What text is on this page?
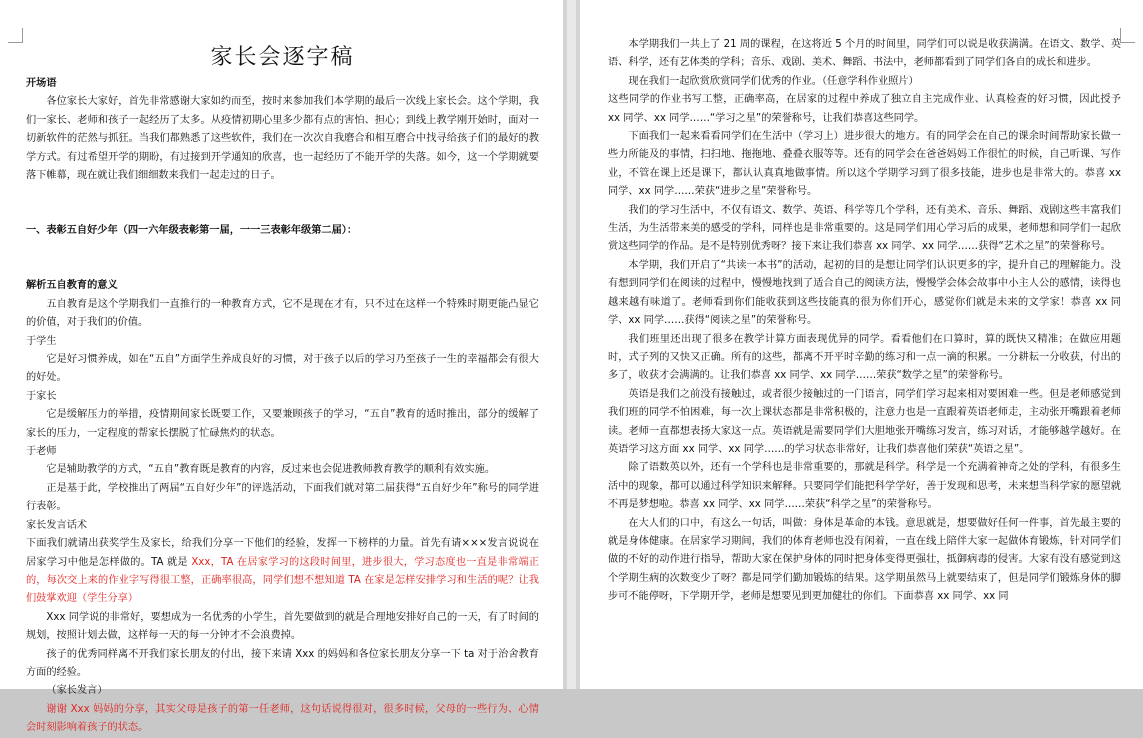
家长会逐字稿

开场语

各位家长大家好，首先非常感谢大家如约而至，按时来参加我们本学期的最后一次线上家长会。这个学期，我们一家长、老师和孩子一起经历了太多。从疫情初期心里多少都有点的害怕、担心；到线上教学刚开始时，面对一切新软件的茫然与抓狂。当我们都熟悉了这些软件，我们在一次次自我磨合和相互磨合中找寻给孩子们的最好的教学方式。有过希望开学的期盼，有过接到开学通知的欣喜，也一起经历了不能开学的失落。如今，这一个学期就要落下帷幕，现在就让我们细细数来我们一起走过的日子。

一、表彰五自好少年（四一六年级表彰第一届，一一三表彰年级第二届）：

解析五自教育的意义

五自教育是这个学期我们一直推行的一种教育方式，它不是现在才有，只不过在这样一个特殊时期更能凸显它的价值，对于我们的价值。

于学生

它是好习惯养成，如在“五自”方面学生养成良好的习惯，对于孩子以后的学习乃至孩子一生的幸福都会有很大的好处。

于家长

它是缓解压力的举措，疫情期间家长既要工作，又要兼顾孩子的学习，“五自”教育的适时推出，部分的缓解了家长的压力，一定程度的帮家长摆脱了忙碌焦灼的状态。

于老师

它是辅助教学的方式，“五自”教育既是教育的内容，反过来也会促进教师教育教学的顺利有效实施。

正是基于此，学校推出了两届“五自好少年”的评选活动，下面我们就对第二届获得“五自好少年”称号的同学进行表彰。

家长发言话术

下面我们就请出获奖学生及家长，给我们分享一下他们的经验，发挥一下榜样的力量。首先有请×××发言说说在居家学习中他是怎样做的。TA 就是 Xxx，TA 在居家学习的这段时间里，进步很大，学习态度也一直是非常端正的，每次交上来的作业字写得很工整，正确率很高，同学们想不想知道 TA 在家是怎样安排学习和生活的呢？让我们鼓掌欢迎（学生分享）

Xxx 同学说的非常好，要想成为一名优秀的小学生，首先要做到的就是合理地安排好自己的一天，有了时间的规划，按照计划去做，这样每一天的每一分钟才不会浪费掉。

孩子的优秀同样离不开我们家长朋友的付出，接下来请 Xxx 的妈妈和各位家长朋友分享一下 ta 对于治舍教育方面的经验。

（家长发言）

谢谢 Xxx 妈妈的分享，其实父母是孩子的第一任老师，这句话说得很对，很多时候，父母的一些行为、心情会时刻影响着孩子的状态。

本学期我们一共上了 21 周的课程，在这将近 5 个月的时间里，同学们可以说是收获满满。在语文、数学、英语、科学，还有艺体类的学科；音乐、戏剧、美术、舞蹈、书法中，老师都看到了同学们各自的成长和进步。

现在我们一起欣赏欣赏同学们优秀的作业。（任意学科作业照片）

这些同学的作业书写工整，正确率高，在居家的过程中养成了独立自主完成作业、认真检查的好习惯，因此授予 xx 同学、xx 同学……“学习之星”的荣誉称号，让我们恭喜这些同学。

下面我们一起来看看同学们在生活中（学习上）进步很大的地方。有的同学会在自己的课余时间帮助家长做一些力所能及的事情，扫扫地、拖拖地、叠叠衣服等等。还有的同学会在爸爸妈妈工作很忙的时候，自己听课、写作业，不管在课上还是课下，都认认真真地做事情。所以这个学期学习到了很多技能，进步也是非常大的。恭喜 xx 同学、xx 同学……荣获“进步之星”荣誉称号。

我们的学习生活中，不仅有语文、数学、英语、科学等几个学科，还有美术、音乐、舞蹈、戏剧这些丰富我们生活，为生活带来美的感受的学科，同样也是非常重要的。这是同学们用心学习后的成果，老师想和同学们一起欣赏这些同学的作品。是不是特别优秀呀？接下来让我们恭喜 xx 同学、xx 同学……获得“艺术之星”的荣誉称号。

本学期，我们开启了“共读一本书”的活动，起初的目的是想让同学们认识更多的字，提升自己的理解能力。没有想到同学们在阅读的过程中，慢慢地找到了适合自己的阅读方法，慢慢学会体会故事中小主人公的感情，读得也越来越有味道了。老师看到你们能收获到这些技能真的很为你们开心，感觉你们就是未来的文学家！恭喜 xx 同学、xx 同学……获得“阅读之星”的荣誉称号。

我们班里还出现了很多在教学计算方面表现优异的同学。看看他们在口算时，算的既快又精准；在做应用题时，式子列的又快又正确。所有的这些，都离不开平时辛勤的练习和一点一滴的积累。一分耕耘一分收获，付出的多了，收获才会满满的。让我们恭喜 xx 同学、xx 同学……荣获“数学之星”的荣誉称号。

英语是我们之前没有接触过，或者很少接触过的一门语言，同学们学习起来相对要困难一些。但是老师感觉到我们班的同学不怕困难，每一次上课状态都是非常积极的，注意力也是一直跟着英语老师走，主动张开嘴跟着老师读。老师一直都想表扬大家这一点。英语就是需要同学们大胆地张开嘴练习发言，练习对话，才能够越学越好。在英语学习这方面 xx 同学、xx 同学……的学习状态非常好，让我们恭喜他们荣获“英语之星”。

除了语数英以外，还有一个学科也是非常重要的，那就是科学。科学是一个充满着神奇之处的学科，有很多生活中的现象，都可以通过科学知识来解释。只要同学们能把科学学好，善于发现和思考，未来想当科学家的愿望就不再是梦想啦。恭喜 xx 同学、xx 同学……荣获“科学之星”的荣誉称号。

在大人们的口中，有这么一句话，叫做：身体是革命的本钱。意思就是，想要做好任何一件事，首先最主要的就是身体健康。在居家学习期间，我们的体育老师也没有闲着，一直在线上陪伴大家一起做体育锻炼，针对同学们做的不好的动作进行指导，帮助大家在保护身体的同时把身体变得更强壮，抵御病毒的侵害。大家有没有感觉到这个学期生病的次数变少了呀？都是同学们勤加锻炼的结果。这学期虽然马上就要结束了，但是同学们锻炼身体的脚步可不能停呀，下学期开学，老师是想要见到更加健壮的你们。下面恭喜 xx 同学、xx 同
